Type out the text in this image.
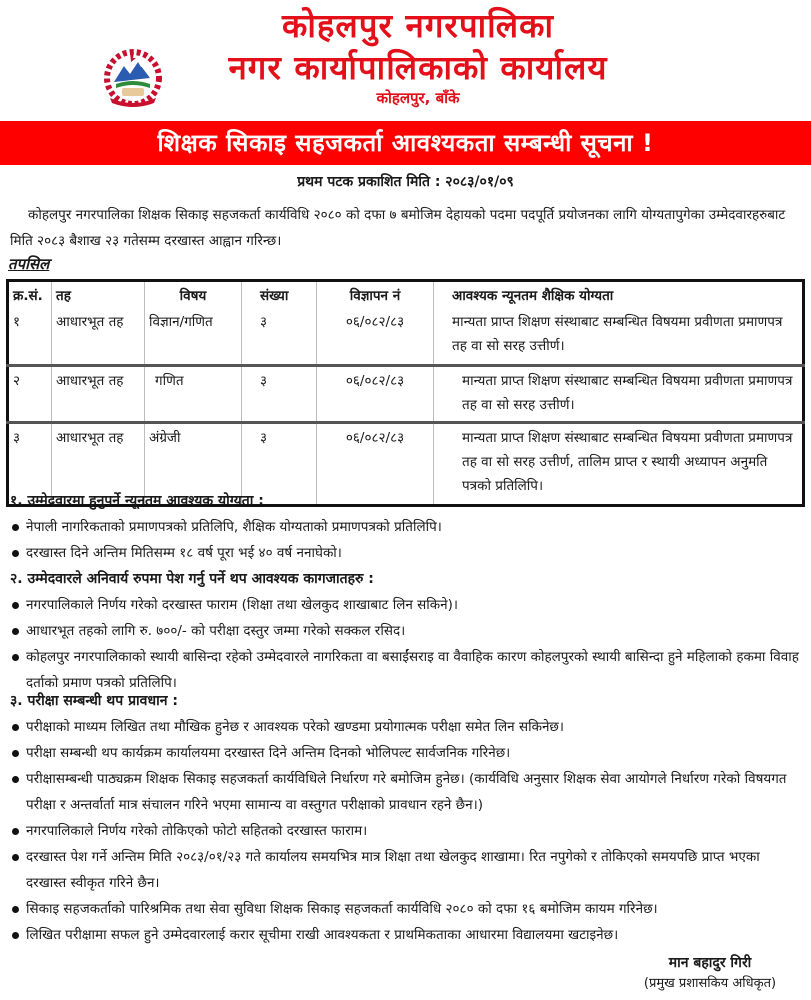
कोहलपुर नगरपालिका
नगर कार्यापालिकाको कार्यालय
कोहलपुर, बाँके
शिक्षक सिकाइ सहजकर्ता आवश्यकता सम्बन्धी सूचना !
प्रथम पटक प्रकाशित मिति : २०८३/०१/०९
कोहलपुर नगरपालिका शिक्षक सिकाइ सहजकर्ता कार्यविधि २०८० को दफा ७ बमोजिम देहायको पदमा पदपूर्ति प्रयोजनका लागि योग्यतापुगेका उम्मेदवारहरुबाट मिति २०८३ बैशाख २३ गतेसम्म दरखास्त आह्वान गरिन्छ।
तपसिल
क्र.सं.	तह	विषय	संख्या	विज्ञापन नं	आवश्यक न्यूनतम शैक्षिक योग्यता
१	आधारभूत तह	विज्ञान/गणित	३	०६/०८२/८३	मान्यता प्राप्त शिक्षण संस्थाबाट सम्बन्धित विषयमा प्रवीणता प्रमाणपत्र तह वा सो सरह उत्तीर्ण।
२	आधारभूत तह	गणित	३	०६/०८२/८३	मान्यता प्राप्त शिक्षण संस्थाबाट सम्बन्धित विषयमा प्रवीणता प्रमाणपत्र तह वा सो सरह उत्तीर्ण।
३	आधारभूत तह	अंग्रेजी	३	०६/०८२/८३	मान्यता प्राप्त शिक्षण संस्थाबाट सम्बन्धित विषयमा प्रवीणता प्रमाणपत्र तह वा सो सरह उत्तीर्ण, तालिम प्राप्त र स्थायी अध्यापन अनुमति पत्रको प्रतिलिपि।
१. उम्मेदवारमा हुनुपर्ने न्यूनतम आवश्यक योग्यता :
नेपाली नागरिकताको प्रमाणपत्रको प्रतिलिपि, शैक्षिक योग्यताको प्रमाणपत्रको प्रतिलिपि।
दरखास्त दिने अन्तिम मितिसम्म १८ वर्ष पूरा भई ४० वर्ष ननाघेको।
२. उम्मेदवारले अनिवार्य रुपमा पेश गर्नु पर्ने थप आवश्यक कागजातहरु :
नगरपालिकाले निर्णय गरेको दरखास्त फाराम (शिक्षा तथा खेलकुद शाखाबाट लिन सकिने)।
आधारभूत तहको लागि रु. ७००/- को परीक्षा दस्तुर जम्मा गरेको सक्कल रसिद।
कोहलपुर नगरपालिकाको स्थायी बासिन्दा रहेको उम्मेदवारले नागरिकता वा बसाईंसराइ वा वैवाहिक कारण कोहलपुरको स्थायी बासिन्दा हुने महिलाको हकमा विवाह दर्ताको प्रमाण पत्रको प्रतिलिपि।
३. परीक्षा सम्बन्धी थप प्रावधान :
परीक्षाको माध्यम लिखित तथा मौखिक हुनेछ र आवश्यक परेको खण्डमा प्रयोगात्मक परीक्षा समेत लिन सकिनेछ।
परीक्षा सम्बन्धी थप कार्यक्रम कार्यालयमा दरखास्त दिने अन्तिम दिनको भोलिपल्ट सार्वजनिक गरिनेछ।
परीक्षासम्बन्धी पाठ्यक्रम शिक्षक सिकाइ सहजकर्ता कार्यविधिले निर्धारण गरे बमोजिम हुनेछ। (कार्यविधि अनुसार शिक्षक सेवा आयोगले निर्धारण गरेको विषयगत परीक्षा र अन्तर्वार्ता मात्र संचालन गरिने भएमा सामान्य वा वस्तुगत परीक्षाको प्रावधान रहने छैन।)
नगरपालिकाले निर्णय गरेको तोकिएको फोटो सहितको दरखास्त फाराम।
दरखास्त पेश गर्ने अन्तिम मिति २०८३/०१/२३ गते कार्यालय समयभित्र मात्र शिक्षा तथा खेलकुद शाखामा। रित नपुगेको र तोकिएको समयपछि प्राप्त भएका दरखास्त स्वीकृत गरिने छैन।
सिकाइ सहजकर्ताको पारिश्रमिक तथा सेवा सुविधा शिक्षक सिकाइ सहजकर्ता कार्यविधि २०८० को दफा १६ बमोजिम कायम गरिनेछ।
लिखित परीक्षामा सफल हुने उम्मेदवारलाई करार सूचीमा राखी आवश्यकता र प्राथमिकताका आधारमा विद्यालयमा खटाइनेछ।
मान बहादुर गिरी
(प्रमुख प्रशासकिय अधिकृत)
